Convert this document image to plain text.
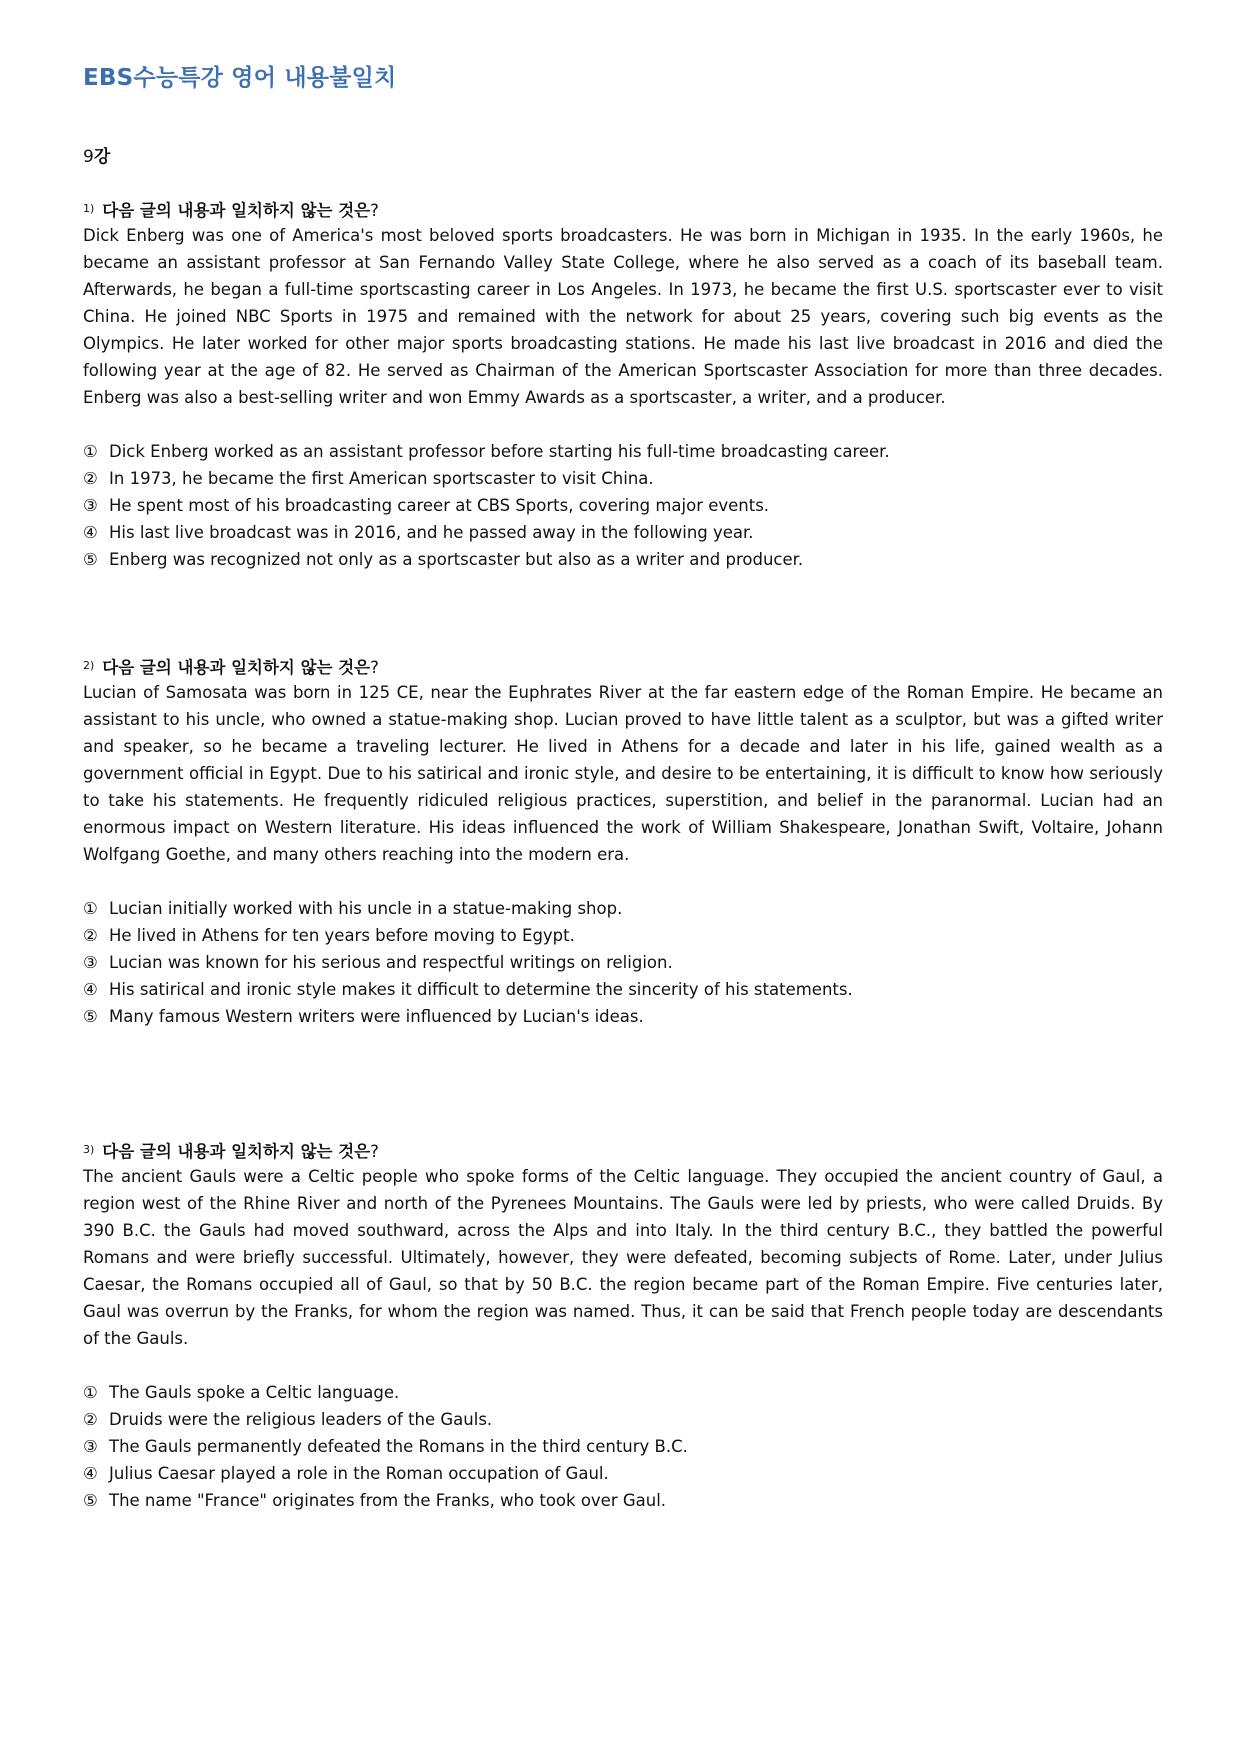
EBS수능특강 영어 내용불일치
9강
$^{1)}$ 다음 글의 내용과 일치하지 않는 것은?

Dick Enberg was one of America's most beloved sports broadcasters. He was born in Michigan in 1935. In the early 1960s, he became an assistant professor at San Fernando Valley State College, where he also served as a coach of its baseball team. Afterwards, he began a full-time sportscasting career in Los Angeles. In 1973, he became the first U.S. sportscaster ever to visit China. He joined NBC Sports in 1975 and remained with the network for about 25 years, covering such big events as the Olympics. He later worked for other major sports broadcasting stations. He made his last live broadcast in 2016 and died the following year at the age of 82. He served as Chairman of the American Sportscaster Association for more than three decades. Enberg was also a best-selling writer and won Emmy Awards as a sportscaster, a writer, and a producer.

① Dick Enberg worked as an assistant professor before starting his full-time broadcasting career.
② In 1973, he became the first American sportscaster to visit China.
③ He spent most of his broadcasting career at CBS Sports, covering major events.
④ His last live broadcast was in 2016, and he passed away in the following year.
⑤ Enberg was recognized not only as a sportscaster but also as a writer and producer.
$^{2)}$ 다음 글의 내용과 일치하지 않는 것은?

Lucian of Samosata was born in 125 CE, near the Euphrates River at the far eastern edge of the Roman Empire. He became an assistant to his uncle, who owned a statue-making shop. Lucian proved to have little talent as a sculptor, but was a gifted writer and speaker, so he became a traveling lecturer. He lived in Athens for a decade and later in his life, gained wealth as a government official in Egypt. Due to his satirical and ironic style, and desire to be entertaining, it is difficult to know how seriously to take his statements. He frequently ridiculed religious practices, superstition, and belief in the paranormal. Lucian had an enormous impact on Western literature. His ideas influenced the work of William Shakespeare, Jonathan Swift, Voltaire, Johann Wolfgang Goethe, and many others reaching into the modern era.

① Lucian initially worked with his uncle in a statue-making shop.
② He lived in Athens for ten years before moving to Egypt.
③ Lucian was known for his serious and respectful writings on religion.
④ His satirical and ironic style makes it difficult to determine the sincerity of his statements.
⑤ Many famous Western writers were influenced by Lucian's ideas.
$^{3)}$ 다음 글의 내용과 일치하지 않는 것은?

The ancient Gauls were a Celtic people who spoke forms of the Celtic language. They occupied the ancient country of Gaul, a region west of the Rhine River and north of the Pyrenees Mountains. The Gauls were led by priests, who were called Druids. By 390 B.C. the Gauls had moved southward, across the Alps and into Italy. In the third century B.C., they battled the powerful Romans and were briefly successful. Ultimately, however, they were defeated, becoming subjects of Rome. Later, under Julius Caesar, the Romans occupied all of Gaul, so that by 50 B.C. the region became part of the Roman Empire. Five centuries later, Gaul was overrun by the Franks, for whom the region was named. Thus, it can be said that French people today are descendants of the Gauls.

① The Gauls spoke a Celtic language.
② Druids were the religious leaders of the Gauls.
③ The Gauls permanently defeated the Romans in the third century B.C.
④ Julius Caesar played a role in the Roman occupation of Gaul.
⑤ The name "France" originates from the Franks, who took over Gaul.
